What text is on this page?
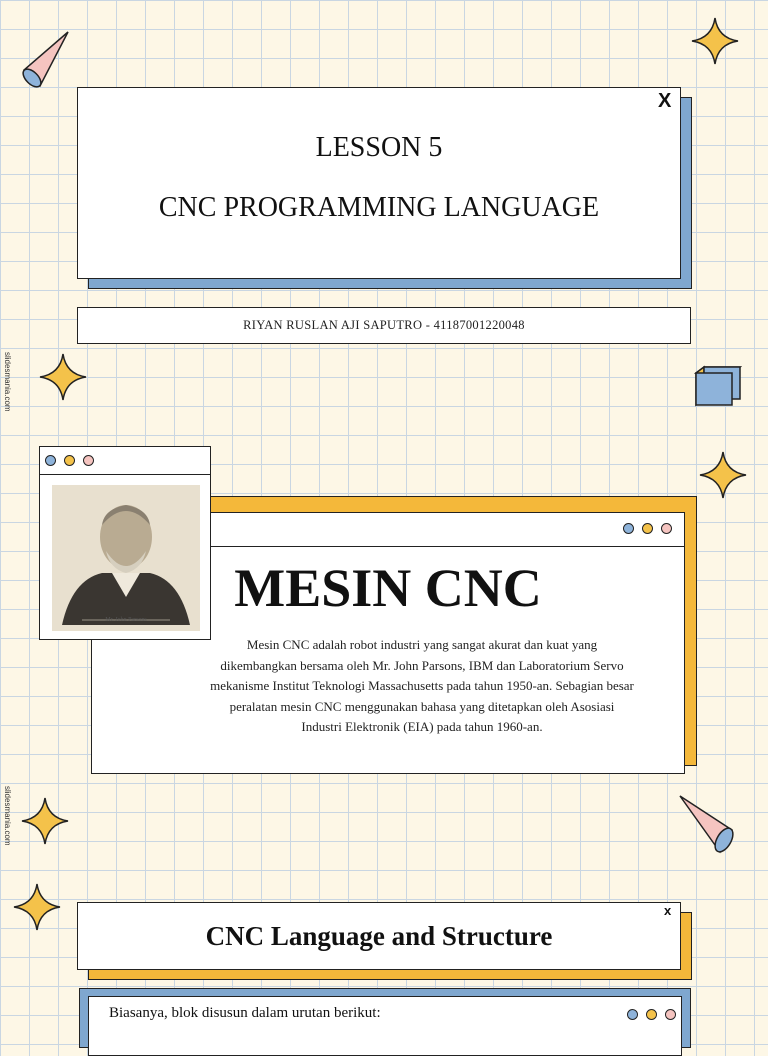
X
LESSON 5
CNC PROGRAMMING LANGUAGE
RIYAN RUSLAN AJI SAPUTRO - 41187001220048
slidesmania.com
MESIN CNC
Mesin CNC adalah robot industri yang sangat akurat dan kuat yang dikembangkan bersama oleh Mr. John Parsons, IBM dan Laboratorium Servo mekanisme Institut Teknologi Massachusetts pada tahun 1950-an. Sebagian besar peralatan mesin CNC menggunakan bahasa yang ditetapkan oleh Asosiasi Industri Elektronik (EIA) pada tahun 1960-an.
Mr. John Parsons
slidesmania.com
x
CNC Language and Structure
Biasanya, blok disusun dalam urutan berikut:
